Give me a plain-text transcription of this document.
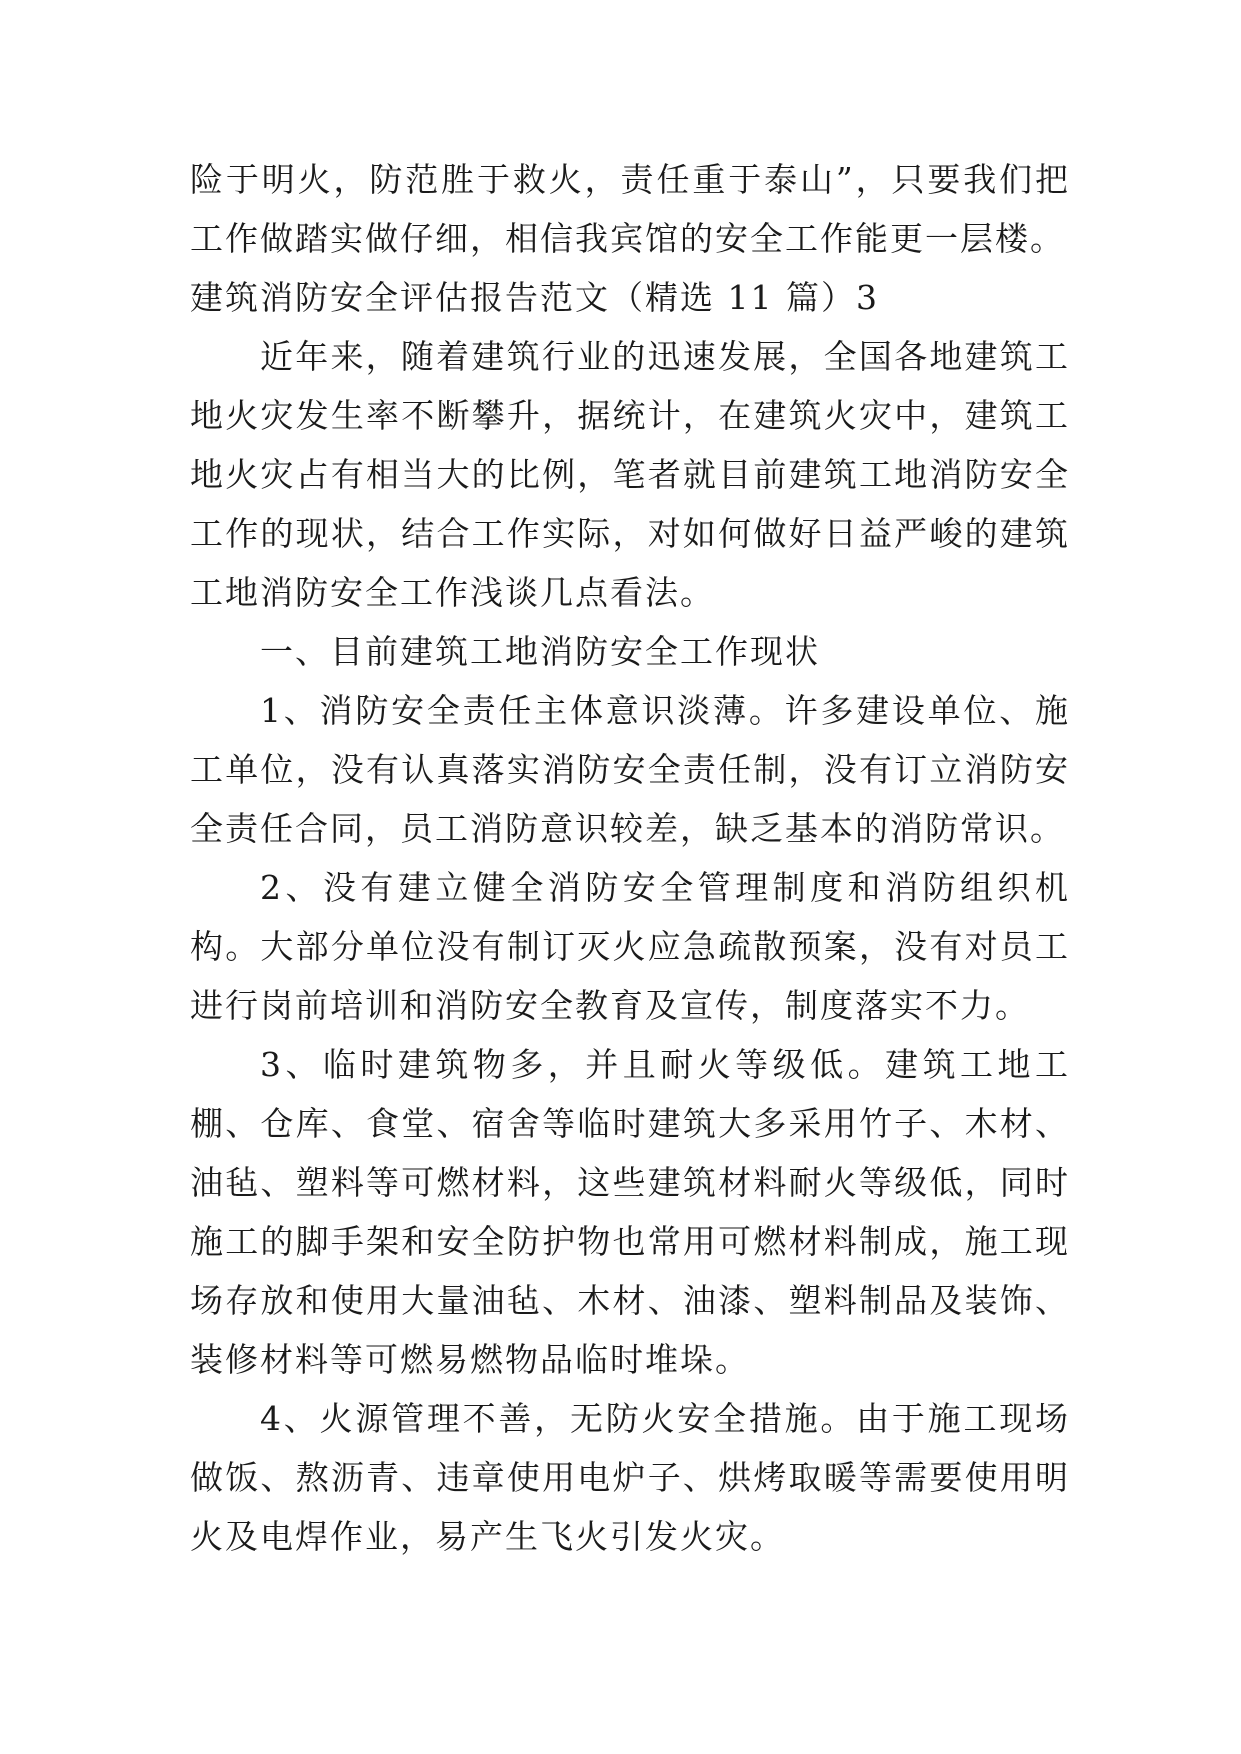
险于明火，防范胜于救火，责任重于泰山”，只要我们把工作做踏实做仔细，相信我宾馆的安全工作能更一层楼。

建筑消防安全评估报告范文（精选 11 篇）3

近年来，随着建筑行业的迅速发展，全国各地建筑工地火灾发生率不断攀升，据统计，在建筑火灾中，建筑工地火灾占有相当大的比例，笔者就目前建筑工地消防安全工作的现状，结合工作实际，对如何做好日益严峻的建筑工地消防安全工作浅谈几点看法。

一、目前建筑工地消防安全工作现状

1、消防安全责任主体意识淡薄。许多建设单位、施工单位，没有认真落实消防安全责任制，没有订立消防安全责任合同，员工消防意识较差，缺乏基本的消防常识。

2、没有建立健全消防安全管理制度和消防组织机构。大部分单位没有制订灭火应急疏散预案，没有对员工进行岗前培训和消防安全教育及宣传，制度落实不力。

3、临时建筑物多，并且耐火等级低。建筑工地工棚、仓库、食堂、宿舍等临时建筑大多采用竹子、木材、油毡、塑料等可燃材料，这些建筑材料耐火等级低，同时施工的脚手架和安全防护物也常用可燃材料制成，施工现场存放和使用大量油毡、木材、油漆、塑料制品及装饰、装修材料等可燃易燃物品临时堆垛。

4、火源管理不善，无防火安全措施。由于施工现场做饭、熬沥青、违章使用电炉子、烘烤取暖等需要使用明火及电焊作业，易产生飞火引发火灾。
